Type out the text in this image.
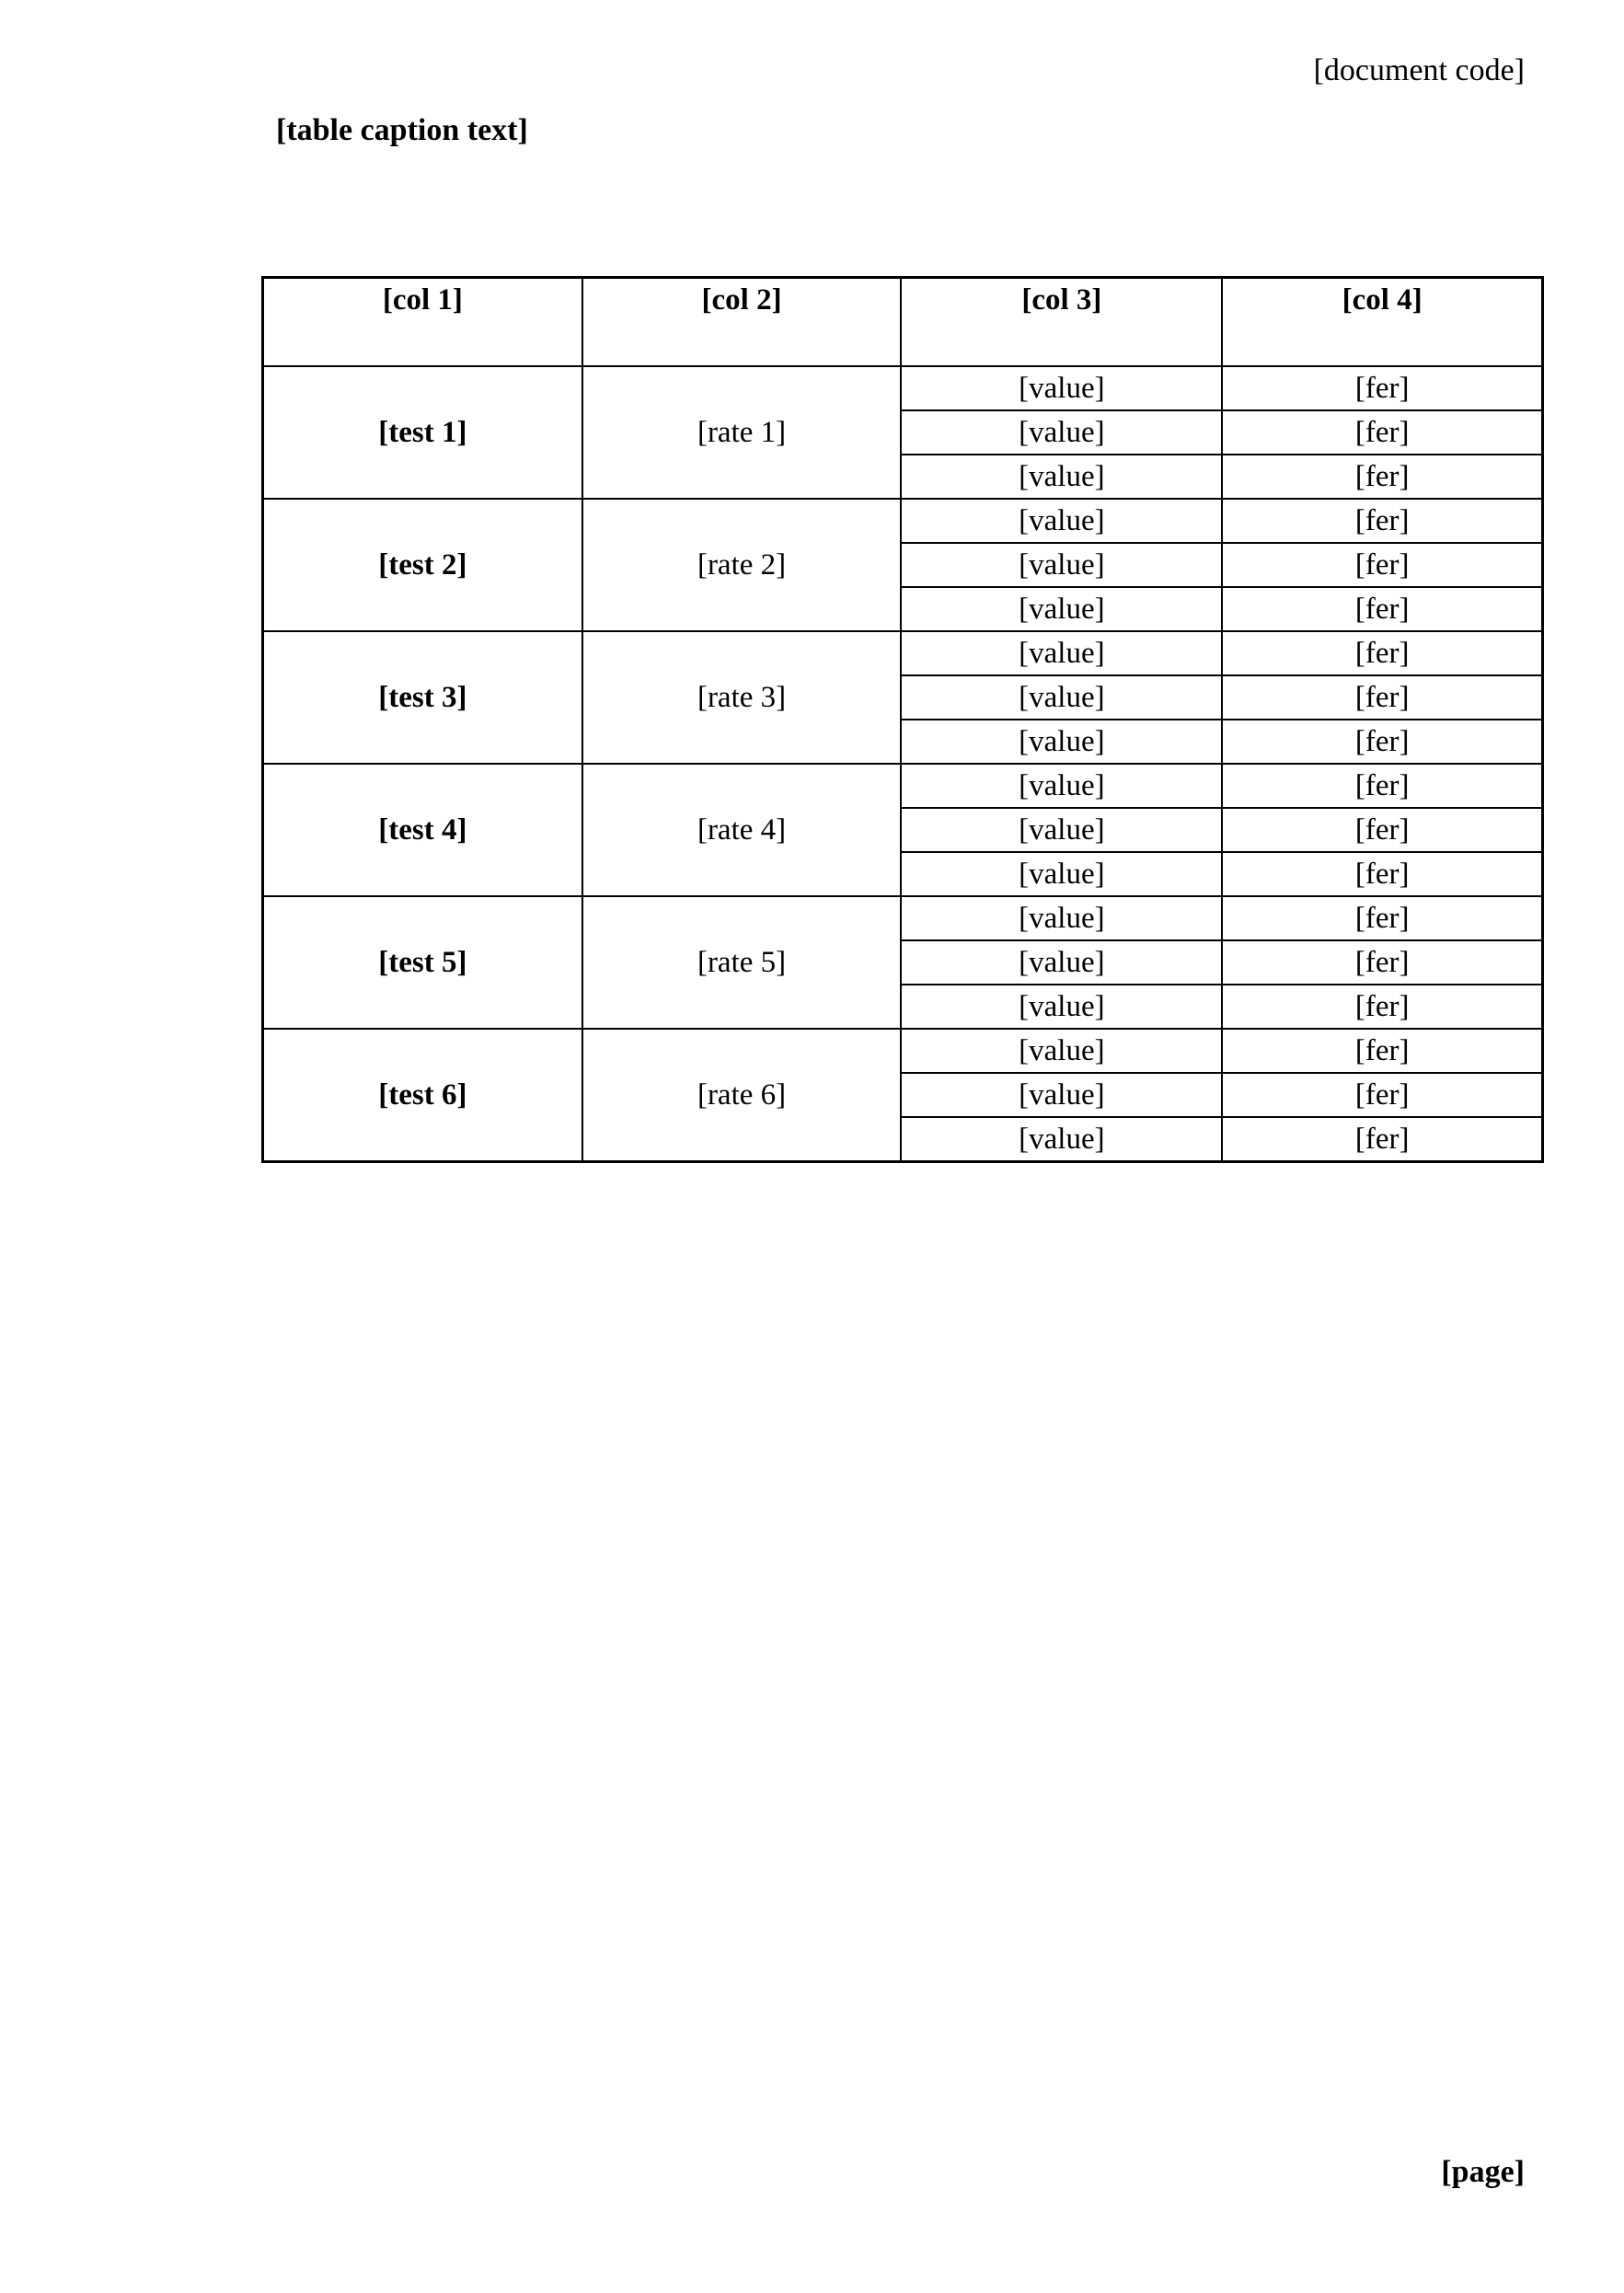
[document code]
[table caption text]
[col 1]	[col 2]	[col 3]	[col 4]
[test 1]	[rate 1]	[value]	[fer]
		[value]	[fer]
		[value]	[fer]
[test 2]	[rate 2]	[value]	[fer]
		[value]	[fer]
		[value]	[fer]
[test 3]	[rate 3]	[value]	[fer]
		[value]	[fer]
		[value]	[fer]
[test 4]	[rate 4]	[value]	[fer]
		[value]	[fer]
		[value]	[fer]
[test 5]	[rate 5]	[value]	[fer]
		[value]	[fer]
		[value]	[fer]
[test 6]	[rate 6]	[value]	[fer]
		[value]	[fer]
		[value]	[fer]
[page]
